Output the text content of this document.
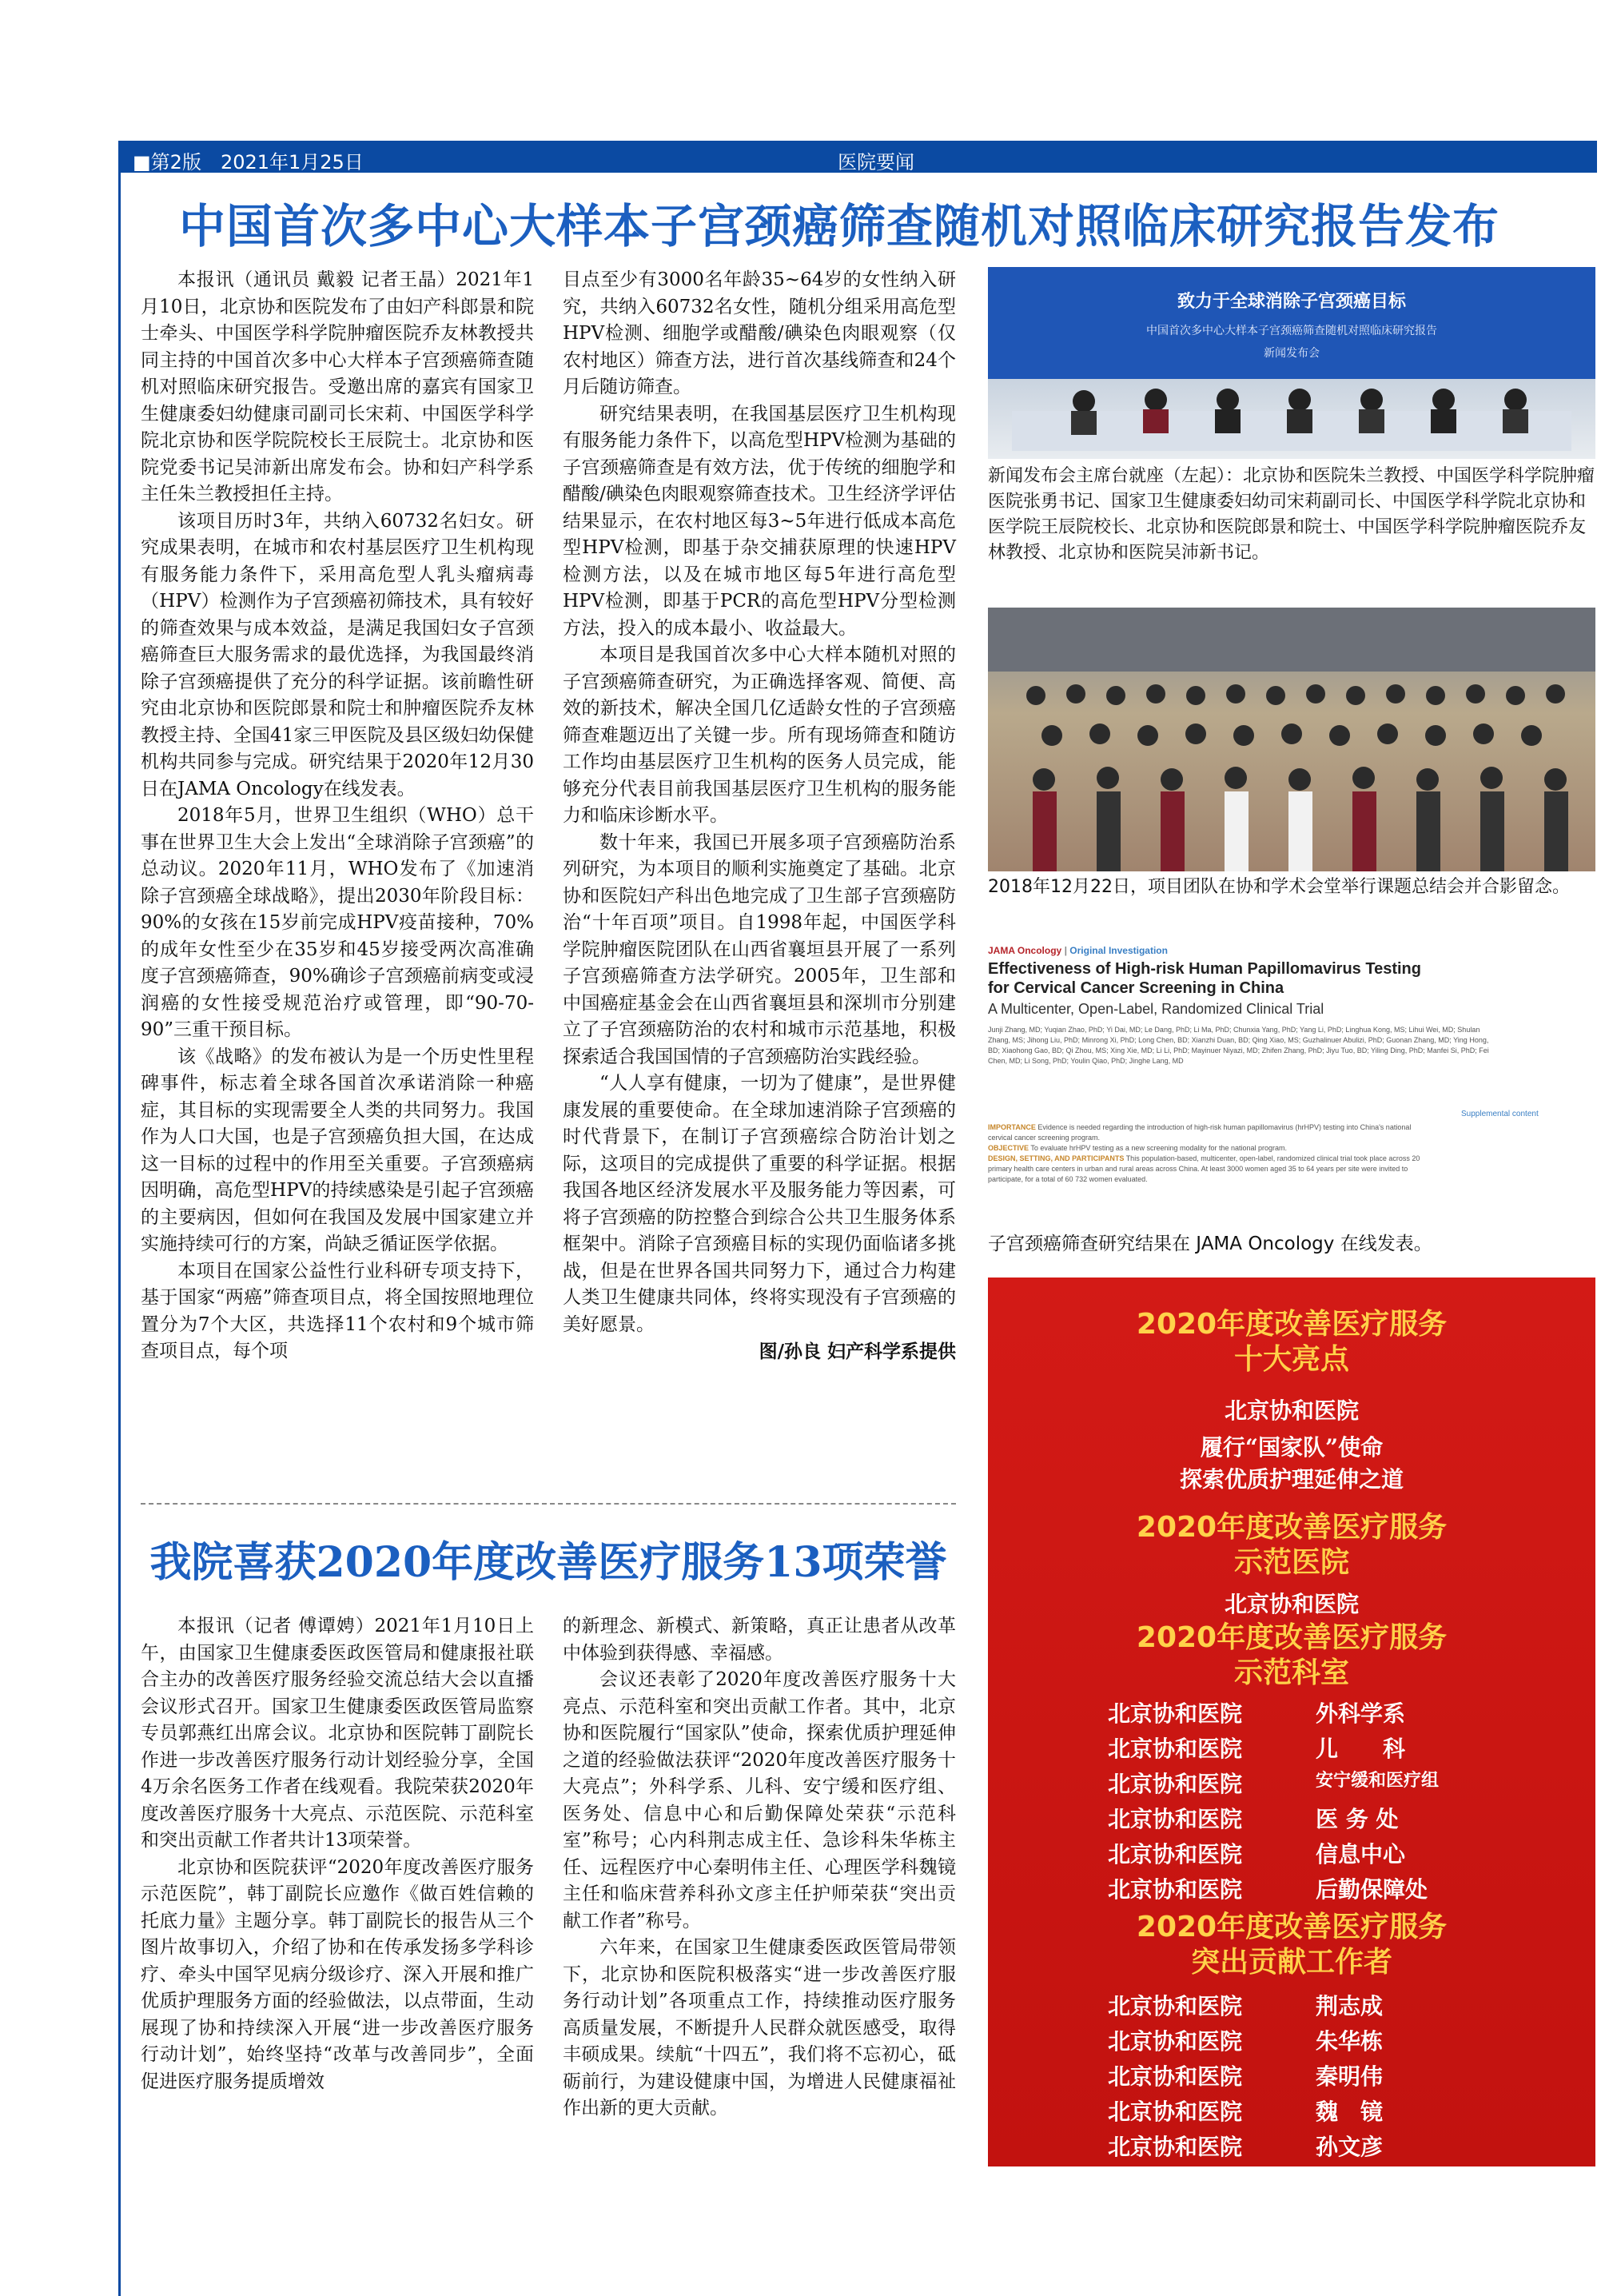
■第2版　2021年1月25日	医院要闻
中国首次多中心大样本子宫颈癌筛查随机对照临床研究报告发布

本报讯（通讯员 戴毅 记者王晶）2021年1月10日，北京协和医院发布了由妇产科郎景和院士牵头、中国医学科学院肿瘤医院乔友林教授共同主持的中国首次多中心大样本子宫颈癌筛查随机对照临床研究报告。受邀出席的嘉宾有国家卫生健康委妇幼健康司副司长宋莉、中国医学科学院北京协和医学院院校长王辰院士。北京协和医院党委书记吴沛新出席发布会。协和妇产科学系主任朱兰教授担任主持。

该项目历时3年，共纳入60732名妇女。研究成果表明，在城市和农村基层医疗卫生机构现有服务能力条件下，采用高危型人乳头瘤病毒（HPV）检测作为子宫颈癌初筛技术，具有较好的筛查效果与成本效益，是满足我国妇女子宫颈癌筛查巨大服务需求的最优选择，为我国最终消除子宫颈癌提供了充分的科学证据。该前瞻性研究由北京协和医院郎景和院士和肿瘤医院乔友林教授主持、全国41家三甲医院及县区级妇幼保健机构共同参与完成。研究结果于2020年12月30日在JAMA Oncology在线发表。

2018年5月，世界卫生组织（WHO）总干事在世界卫生大会上发出“全球消除子宫颈癌”的总动议。2020年11月，WHO发布了《加速消除子宫颈癌全球战略》，提出2030年阶段目标：90%的女孩在15岁前完成HPV疫苗接种，70%的成年女性至少在35岁和45岁接受两次高准确度子宫颈癌筛查，90%确诊子宫颈癌前病变或浸润癌的女性接受规范治疗或管理，即“90-70-90”三重干预目标。

该《战略》的发布被认为是一个历史性里程碑事件，标志着全球各国首次承诺消除一种癌症，其目标的实现需要全人类的共同努力。我国作为人口大国，也是子宫颈癌负担大国，在达成这一目标的过程中的作用至关重要。子宫颈癌病因明确，高危型HPV的持续感染是引起子宫颈癌的主要病因，但如何在我国及发展中国家建立并实施持续可行的方案，尚缺乏循证医学依据。

本项目在国家公益性行业科研专项支持下，基于国家“两癌”筛查项目点，将全国按照地理位置分为7个大区，共选择11个农村和9个城市筛查项目点，每个项

目点至少有3000名年龄35~64岁的女性纳入研究，共纳入60732名女性，随机分组采用高危型HPV检测、细胞学或醋酸/碘染色肉眼观察（仅农村地区）筛查方法，进行首次基线筛查和24个月后随访筛查。

研究结果表明，在我国基层医疗卫生机构现有服务能力条件下，以高危型HPV检测为基础的子宫颈癌筛查是有效方法，优于传统的细胞学和醋酸/碘染色肉眼观察筛查技术。卫生经济学评估结果显示，在农村地区每3~5年进行低成本高危型HPV检测，即基于杂交捕获原理的快速HPV检测方法，以及在城市地区每5年进行高危型HPV检测，即基于PCR的高危型HPV分型检测方法，投入的成本最小、收益最大。

本项目是我国首次多中心大样本随机对照的子宫颈癌筛查研究，为正确选择客观、简便、高效的新技术，解决全国几亿适龄女性的子宫颈癌筛查难题迈出了关键一步。所有现场筛查和随访工作均由基层医疗卫生机构的医务人员完成，能够充分代表目前我国基层医疗卫生机构的服务能力和临床诊断水平。

数十年来，我国已开展多项子宫颈癌防治系列研究，为本项目的顺利实施奠定了基础。北京协和医院妇产科出色地完成了卫生部子宫颈癌防治“十年百项”项目。自1998年起，中国医学科学院肿瘤医院团队在山西省襄垣县开展了一系列子宫颈癌筛查方法学研究。2005年，卫生部和中国癌症基金会在山西省襄垣县和深圳市分别建立了子宫颈癌防治的农村和城市示范基地，积极探索适合我国国情的子宫颈癌防治实践经验。

“人人享有健康，一切为了健康”，是世界健康发展的重要使命。在全球加速消除子宫颈癌的时代背景下，在制订子宫颈癌综合防治计划之际，这项目的完成提供了重要的科学证据。根据我国各地区经济发展水平及服务能力等因素，可将子宫颈癌的防控整合到综合公共卫生服务体系框架中。消除子宫颈癌目标的实现仍面临诸多挑战，但是在世界各国共同努力下，通过合力构建人类卫生健康共同体，终将实现没有子宫颈癌的美好愿景。

图/孙良 妇产科学系提供

致力于全球消除子宫颈癌目标
中国首次多中心大样本子宫颈癌筛查随机对照临床研究报告
新闻发布会
新闻发布会主席台就座（左起）：北京协和医院朱兰教授、中国医学科学院肿瘤医院张勇书记、国家卫生健康委妇幼司宋莉副司长、中国医学科学院北京协和医学院王辰院校长、北京协和医院郎景和院士、中国医学科学院肿瘤医院乔友林教授、北京协和医院吴沛新书记。
2018年12月22日，项目团队在协和学术会堂举行课题总结会并合影留念。
JAMA Oncology | Original Investigation
Effectiveness of High-risk Human Papillomavirus Testing for Cervical Cancer Screening in China
A Multicenter, Open-Label, Randomized Clinical Trial
Junji Zhang, MD; Yuqian Zhao, PhD; Yi Dai, MD; Le Dang, PhD; Li Ma, PhD; Chunxia Yang, PhD; Yang Li, PhD; Linghua Kong, MS; Lihui Wei, MD; Shulan Zhang, MS; Jihong Liu, PhD; Minrong Xi, PhD; Long Chen, BD; Xianzhi Duan, BD; Qing Xiao, MS; Guzhalinuer Abulizi, PhD; Guonan Zhang, MD; Ying Hong, BD; Xiaohong Gao, BD; Qi Zhou, MS; Xing Xie, MD; Li Li, PhD; Mayinuer Niyazi, MD; Zhifen Zhang, PhD; Jiyu Tuo, BD; Yiling Ding, PhD; Manfei Si, PhD; Fei Chen, MD; Li Song, PhD; Youlin Qiao, PhD; Jinghe Lang, MD
Supplemental content
IMPORTANCE Evidence is needed regarding the introduction of high-risk human papillomavirus (hrHPV) testing into China's national cervical cancer screening program.
OBJECTIVE To evaluate hrHPV testing as a new screening modality for the national program.
DESIGN, SETTING, AND PARTICIPANTS This population-based, multicenter, open-label, randomized clinical trial took place across 20 primary health care centers in urban and rural areas across China. At least 3000 women aged 35 to 64 years per site were invited to participate, for a total of 60 732 women evaluated.
子宫颈癌筛查研究结果在 JAMA Oncology 在线发表。
我院喜获2020年度改善医疗服务13项荣誉

本报讯（记者 傅谭娉）2021年1月10日上午，由国家卫生健康委医政医管局和健康报社联合主办的改善医疗服务经验交流总结大会以直播会议形式召开。国家卫生健康委医政医管局监察专员郭燕红出席会议。北京协和医院韩丁副院长作进一步改善医疗服务行动计划经验分享，全国4万余名医务工作者在线观看。我院荣获2020年度改善医疗服务十大亮点、示范医院、示范科室和突出贡献工作者共计13项荣誉。

北京协和医院获评“2020年度改善医疗服务示范医院”，韩丁副院长应邀作《做百姓信赖的托底力量》主题分享。韩丁副院长的报告从三个图片故事切入，介绍了协和在传承发扬多学科诊疗、牵头中国罕见病分级诊疗、深入开展和推广优质护理服务方面的经验做法，以点带面，生动展现了协和持续深入开展“进一步改善医疗服务行动计划”，始终坚持“改革与改善同步”，全面促进医疗服务提质增效

的新理念、新模式、新策略，真正让患者从改革中体验到获得感、幸福感。

会议还表彰了2020年度改善医疗服务十大亮点、示范科室和突出贡献工作者。其中，北京协和医院履行“国家队”使命，探索优质护理延伸之道的经验做法获评“2020年度改善医疗服务十大亮点”；外科学系、儿科、安宁缓和医疗组、医务处、信息中心和后勤保障处荣获“示范科室”称号；心内科荆志成主任、急诊科朱华栋主任、远程医疗中心秦明伟主任、心理医学科魏镜主任和临床营养科孙文彦主任护师荣获“突出贡献工作者”称号。

六年来，在国家卫生健康委医政医管局带领下，北京协和医院积极落实“进一步改善医疗服务行动计划”各项重点工作，持续推动医疗服务高质量发展，不断提升人民群众就医感受，取得丰硕成果。续航“十四五”，我们将不忘初心，砥砺前行，为建设健康中国，为增进人民健康福祉作出新的更大贡献。

2020年度改善医疗服务
十大亮点
北京协和医院
履行“国家队”使命
探索优质护理延伸之道
2020年度改善医疗服务
示范医院
北京协和医院
2020年度改善医疗服务
示范科室
北京协和医院	外科学系
北京协和医院	儿　　科
北京协和医院	安宁缓和医疗组
北京协和医院	医 务 处
北京协和医院	信息中心
北京协和医院	后勤保障处
2020年度改善医疗服务
突出贡献工作者
北京协和医院	荆志成
北京协和医院	朱华栋
北京协和医院	秦明伟
北京协和医院	魏　镜
北京协和医院	孙文彦
